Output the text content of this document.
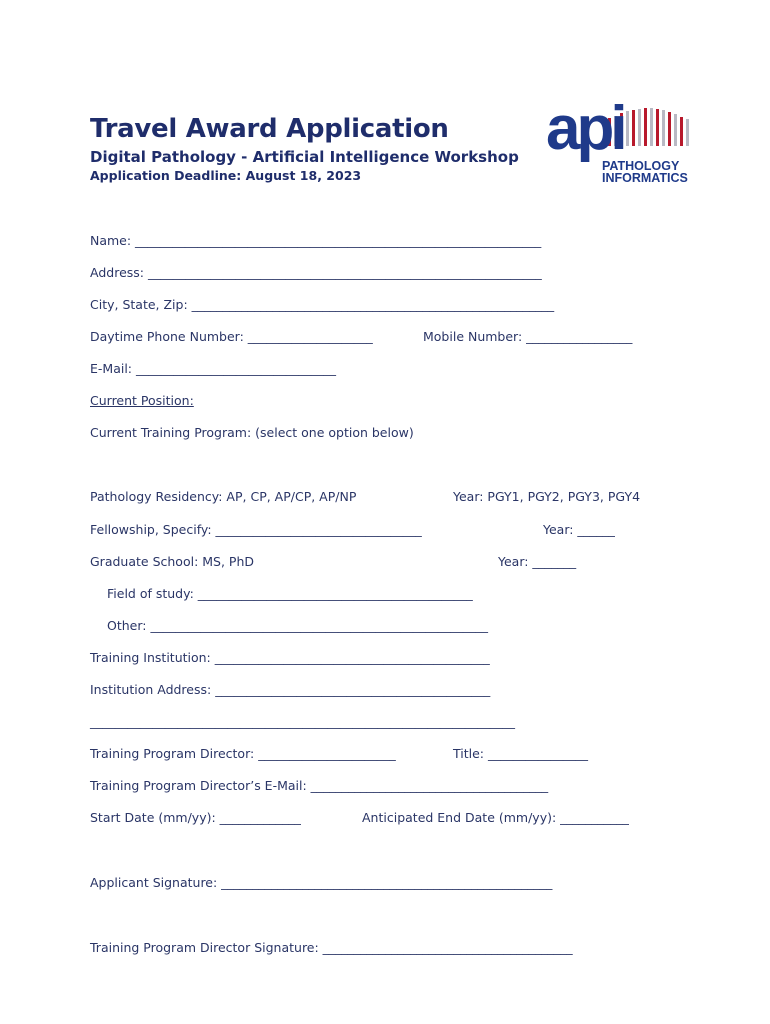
Travel Award Application
Digital Pathology - Artificial Intelligence Workshop
Application Deadline: August 18, 2023
api
PATHOLOGY
INFORMATICS
Name: _________________________________________________________________
Address: _______________________________________________________________
City, State, Zip: __________________________________________________________
Daytime Phone Number: ____________________	Mobile Number: _________________
E-Mail: ________________________________
Current Position:
Current Training Program: (select one option below)
Pathology Residency: AP, CP, AP/CP, AP/NP	Year: PGY1, PGY2, PGY3, PGY4
Fellowship, Specify: _________________________________	Year: ______
Graduate School: MS, PhD	Year: _______
Field of study: ____________________________________________
Other: ______________________________________________________
Training Institution: ____________________________________________
Institution Address: ____________________________________________
____________________________________________________________________
Training Program Director: ______________________	Title: ________________
Training Program Director’s E-Mail: ______________________________________
Start Date (mm/yy): _____________	Anticipated End Date (mm/yy): ___________
Applicant Signature: _____________________________________________________
Training Program Director Signature: ________________________________________
